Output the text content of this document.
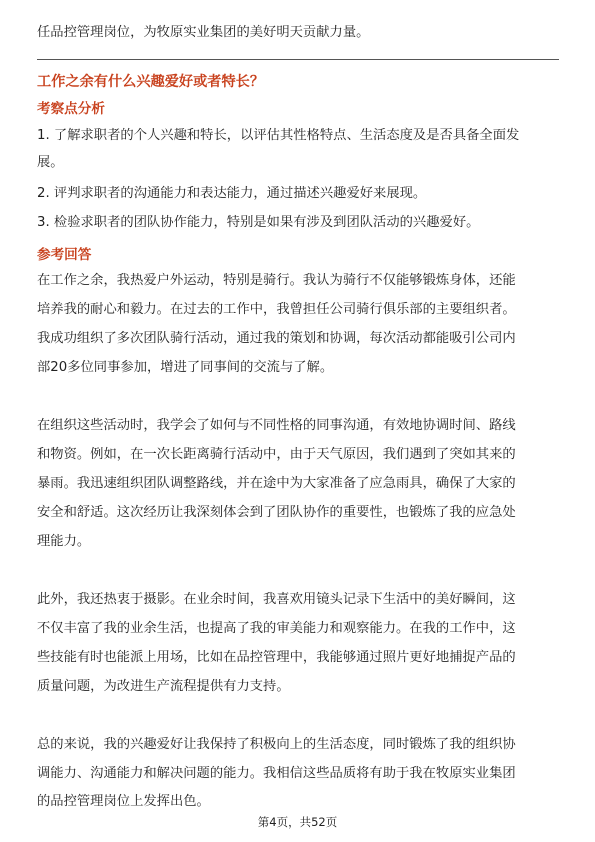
任品控管理岗位，为牧原实业集团的美好明天贡献力量。
工作之余有什么兴趣爱好或者特长？
考察点分析
1. 了解求职者的个人兴趣和特长，以评估其性格特点、生活态度及是否具备全面发
展。
2. 评判求职者的沟通能力和表达能力，通过描述兴趣爱好来展现。
3. 检验求职者的团队协作能力，特别是如果有涉及到团队活动的兴趣爱好。
参考回答
在工作之余，我热爱户外运动，特别是骑行。我认为骑行不仅能够锻炼身体，还能
培养我的耐心和毅力。在过去的工作中，我曾担任公司骑行俱乐部的主要组织者。
我成功组织了多次团队骑行活动，通过我的策划和协调，每次活动都能吸引公司内
部20多位同事参加，增进了同事间的交流与了解。
在组织这些活动时，我学会了如何与不同性格的同事沟通，有效地协调时间、路线
和物资。例如，在一次长距离骑行活动中，由于天气原因，我们遇到了突如其来的
暴雨。我迅速组织团队调整路线，并在途中为大家准备了应急雨具，确保了大家的
安全和舒适。这次经历让我深刻体会到了团队协作的重要性，也锻炼了我的应急处
理能力。
此外，我还热衷于摄影。在业余时间，我喜欢用镜头记录下生活中的美好瞬间，这
不仅丰富了我的业余生活，也提高了我的审美能力和观察能力。在我的工作中，这
些技能有时也能派上用场，比如在品控管理中，我能够通过照片更好地捕捉产品的
质量问题，为改进生产流程提供有力支持。
总的来说，我的兴趣爱好让我保持了积极向上的生活态度，同时锻炼了我的组织协
调能力、沟通能力和解决问题的能力。我相信这些品质将有助于我在牧原实业集团
的品控管理岗位上发挥出色。
第4页，共52页
